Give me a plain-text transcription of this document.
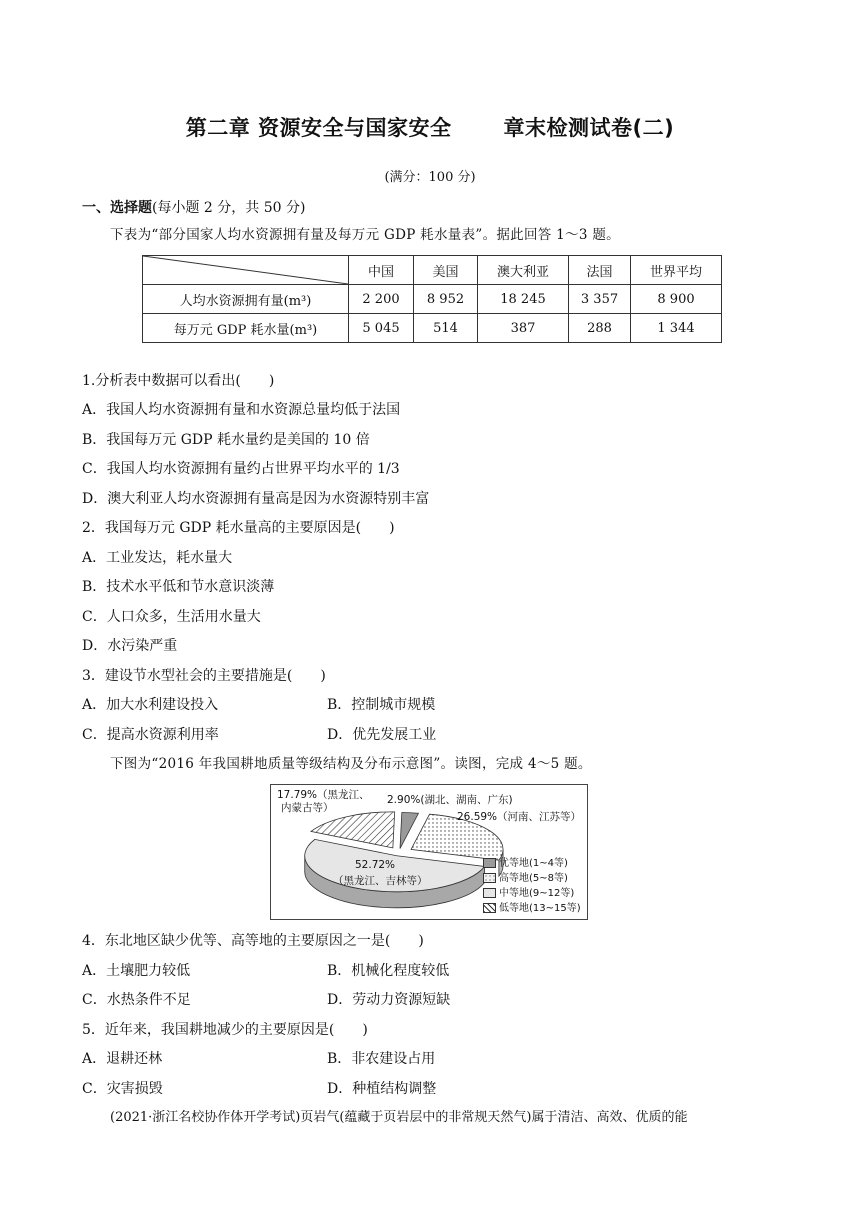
第二章 资源安全与国家安全 章末检测试卷(二)
(满分：100 分)
一、选择题(每小题 2 分，共 50 分)
下表为“部分国家人均水资源拥有量及每万元 GDP 耗水量表”。据此回答 1～3 题。
	中国	美国	澳大利亚	法国	世界平均
人均水资源拥有量(m³)	2 200	8 952	18 245	3 357	8 900
每万元 GDP 耗水量(m³)	5 045	514	387	288	1 344
1.分析表中数据可以看出(　　)
A．我国人均水资源拥有量和水资源总量均低于法国
B．我国每万元 GDP 耗水量约是美国的 10 倍
C．我国人均水资源拥有量约占世界平均水平的 1/3
D．澳大利亚人均水资源拥有量高是因为水资源特别丰富
2．我国每万元 GDP 耗水量高的主要原因是(　　)
A．工业发达，耗水量大
B．技术水平低和节水意识淡薄
C．人口众多，生活用水量大
D．水污染严重
3．建设节水型社会的主要措施是(　　)
A．加大水利建设投入	B．控制城市规模
C．提高水资源利用率	D．优先发展工业
下图为“2016 年我国耕地质量等级结构及分布示意图”。读图，完成 4～5 题。
17.79%（黑龙江、
内蒙古等）
2.90%(湖北、湖南、广东)
26.59%（河南、江苏等）
52.72%
（黑龙江、吉林等）
优等地(1~4等)
高等地(5~8等)
中等地(9~12等)
低等地(13~15等)
4．东北地区缺少优等、高等地的主要原因之一是(　　)
A．土壤肥力较低	B．机械化程度较低
C．水热条件不足	D．劳动力资源短缺
5．近年来，我国耕地减少的主要原因是(　　)
A．退耕还林	B．非农建设占用
C．灾害损毁	D．种植结构调整
(2021·浙江名校协作体开学考试)页岩气(蕴藏于页岩层中的非常规天然气)属于清洁、高效、优质的能
